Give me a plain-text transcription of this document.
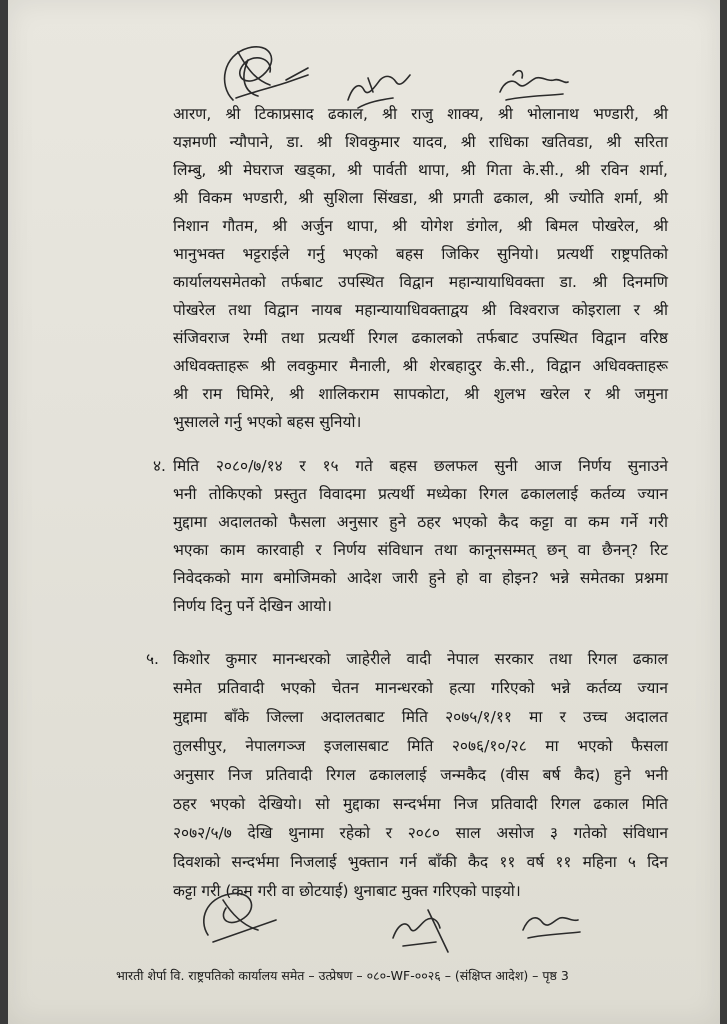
आरण, श्री टिकाप्रसाद ढकाल, श्री राजु शाक्य, श्री भोलानाथ भण्डारी, श्री
यज्ञमणी न्यौपाने, डा. श्री शिवकुमार यादव, श्री राधिका खतिवडा, श्री सरिता
लिम्बु, श्री मेघराज खड्का, श्री पार्वती थापा, श्री गिता के.सी., श्री रविन शर्मा,
श्री विकम भण्डारी, श्री सुशिला सिंखडा, श्री प्रगती ढकाल, श्री ज्योति शर्मा, श्री
निशान गौतम, श्री अर्जुन थापा, श्री योगेश डंगोल, श्री बिमल पोखरेल, श्री
भानुभक्त भट्टराईले गर्नु भएको बहस जिकिर सुनियो। प्रत्यर्थी राष्ट्रपतिको
कार्यालयसमेतको तर्फबाट उपस्थित विद्वान महान्यायाधिवक्ता डा. श्री दिनमणि
पोखरेल तथा विद्वान नायब महान्यायाधिवक्ताद्वय श्री विश्वराज कोइराला र श्री
संजिवराज रेग्मी तथा प्रत्यर्थी रिगल ढकालको तर्फबाट उपस्थित विद्वान वरिष्ठ
अधिवक्ताहरू श्री लवकुमार मैनाली, श्री शेरबहादुर के.सी., विद्वान अधिवक्ताहरू
श्री राम घिमिरे, श्री शालिकराम सापकोटा, श्री शुलभ खरेल र श्री जमुना
भुसालले गर्नु भएको बहस सुनियो।
४. मिति २०८०/७/१४ र १५ गते बहस छलफल सुनी आज निर्णय सुनाउने
भनी तोकिएको प्रस्तुत विवादमा प्रत्यर्थी मध्येका रिगल ढकाललाई कर्तव्य ज्यान
मुद्दामा अदालतको फैसला अनुसार हुने ठहर भएको कैद कट्टा वा कम गर्ने गरी
भएका काम कारवाही र निर्णय संविधान तथा कानूनसम्मत् छन् वा छैनन्? रिट
निवेदकको माग बमोजिमको आदेश जारी हुने हो वा होइन? भन्ने समेतका प्रश्नमा
निर्णय दिनु पर्ने देखिन आयो।
५. किशोर कुमार मानन्धरको जाहेरीले वादी नेपाल सरकार तथा रिगल ढकाल
समेत प्रतिवादी भएको चेतन मानन्धरको हत्या गरिएको भन्ने कर्तव्य ज्यान
मुद्दामा बाँके जिल्ला अदालतबाट मिति २०७५/१/११ मा र उच्च अदालत
तुलसीपुर, नेपालगञ्ज इजलासबाट मिति २०७६/१०/२८ मा भएको फैसला
अनुसार निज प्रतिवादी रिगल ढकाललाई जन्मकैद (वीस बर्ष कैद) हुने भनी
ठहर भएको देखियो। सो मुद्दाका सन्दर्भमा निज प्रतिवादी रिगल ढकाल मिति
२०७२/५/७ देखि थुनामा रहेको र २०८० साल असोज ३ गतेको संविधान
दिवशको सन्दर्भमा निजलाई भुक्तान गर्न बाँकी कैद ११ वर्ष ११ महिना ५ दिन
कट्टा गरी (कम गरी वा छोटयाई) थुनाबाट मुक्त गरिएको पाइयो।
भारती शेर्पा वि. राष्ट्रपतिको कार्यालय समेत – उत्प्रेषण – ०८०-WF-००२६ – (संक्षिप्त आदेश) – पृष्ठ 3
